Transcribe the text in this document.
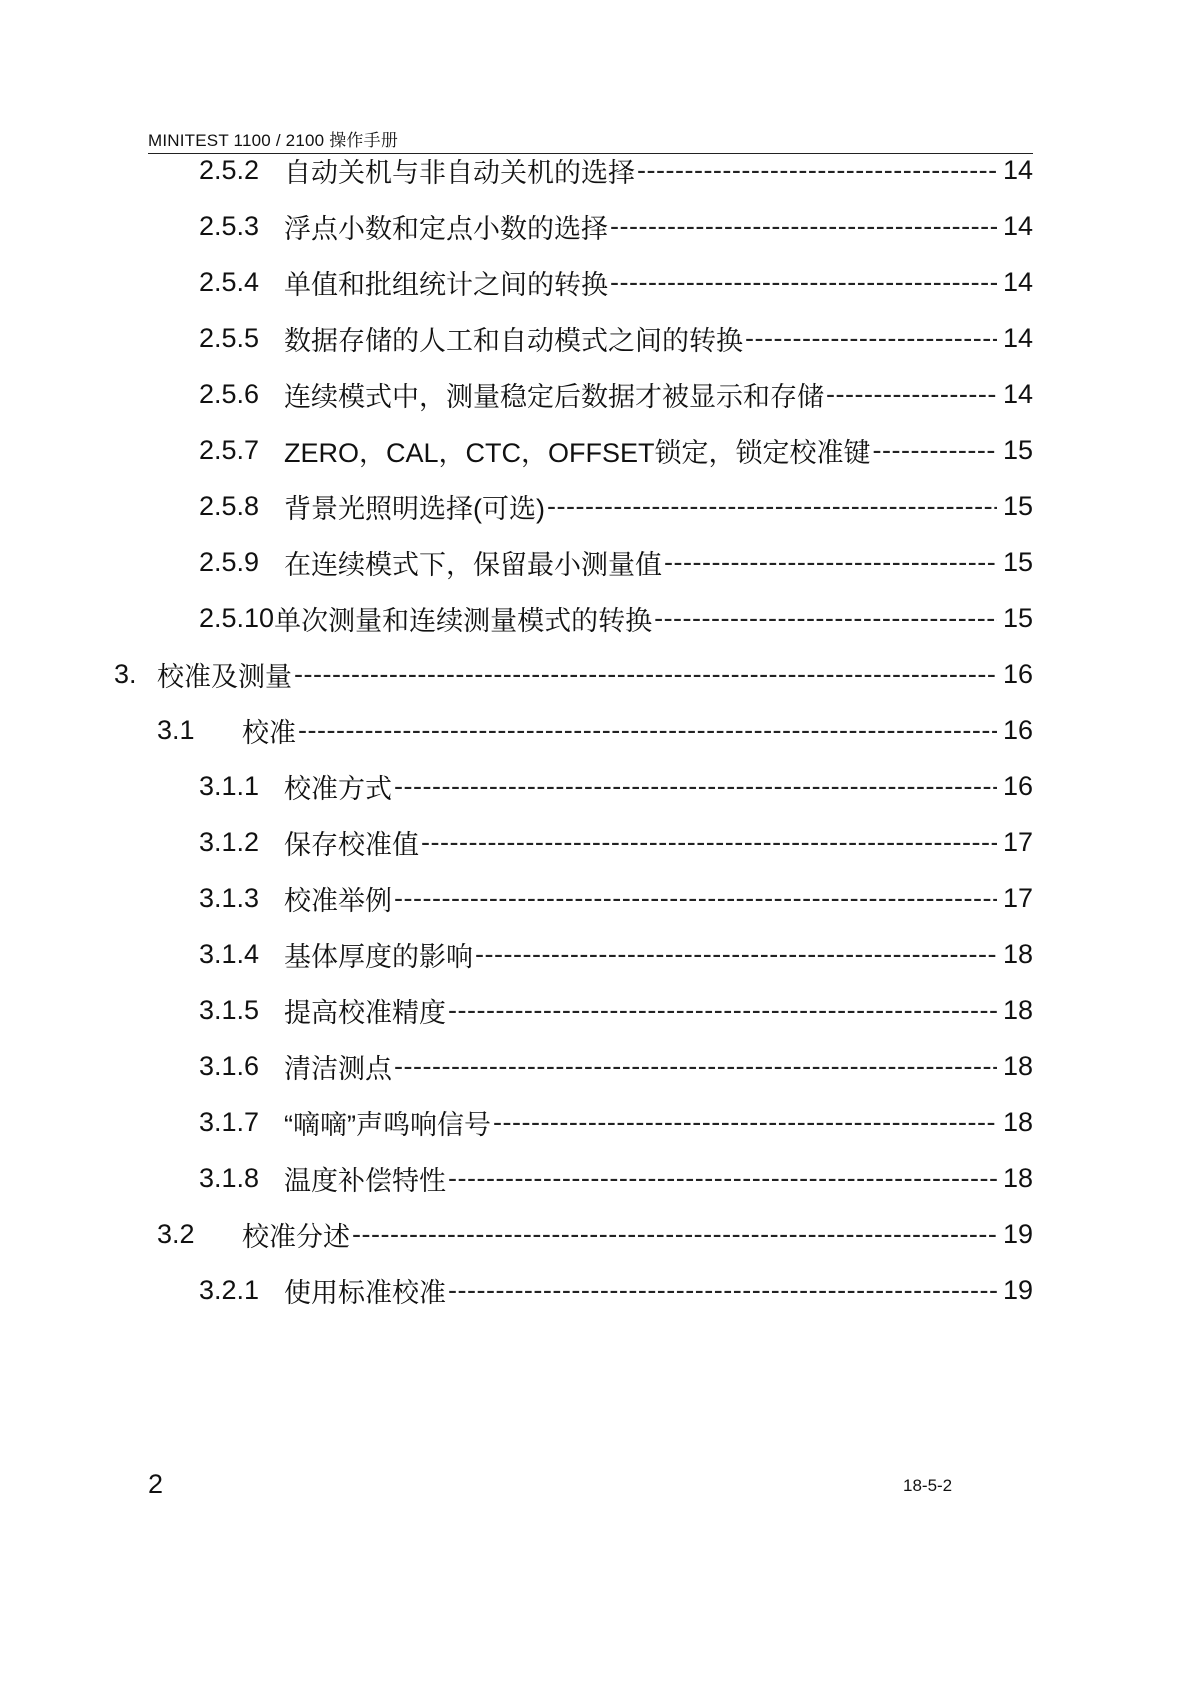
MINITEST 1100 / 2100 操作手册
2.5.2 自动关机与非自动关机的选择 -----	14
2.5.3 浮点小数和定点小数的选择 -----	14
2.5.4 单值和批组统计之间的转换 -----	14
2.5.5 数据存储的人工和自动模式之间的转换 -----	14
2.5.6 连续模式中，测量稳定后数据才被显示和存储 -----	14
2.5.7 ZERO，CAL，CTC，OFFSET锁定，锁定校准键 -----	15
2.5.8 背景光照明选择(可选) -----	15
2.5.9 在连续模式下，保留最小测量值 -----	15
2.5.10 单次测量和连续测量模式的转换 -----	15
3. 校准及测量 -----	16
3.1	校准 -----	16
3.1.1 校准方式 -----	16
3.1.2 保存校准值 -----	17
3.1.3 校准举例 -----	17
3.1.4 基体厚度的影响 -----	18
3.1.5 提高校准精度 -----	18
3.1.6 清洁测点 -----	18
3.1.7 “嘀嘀”声鸣响信号 -----	18
3.1.8 温度补偿特性 -----	18
3.2	校准分述 -----	19
3.2.1 使用标准校准 -----	19
2	18-5-2
